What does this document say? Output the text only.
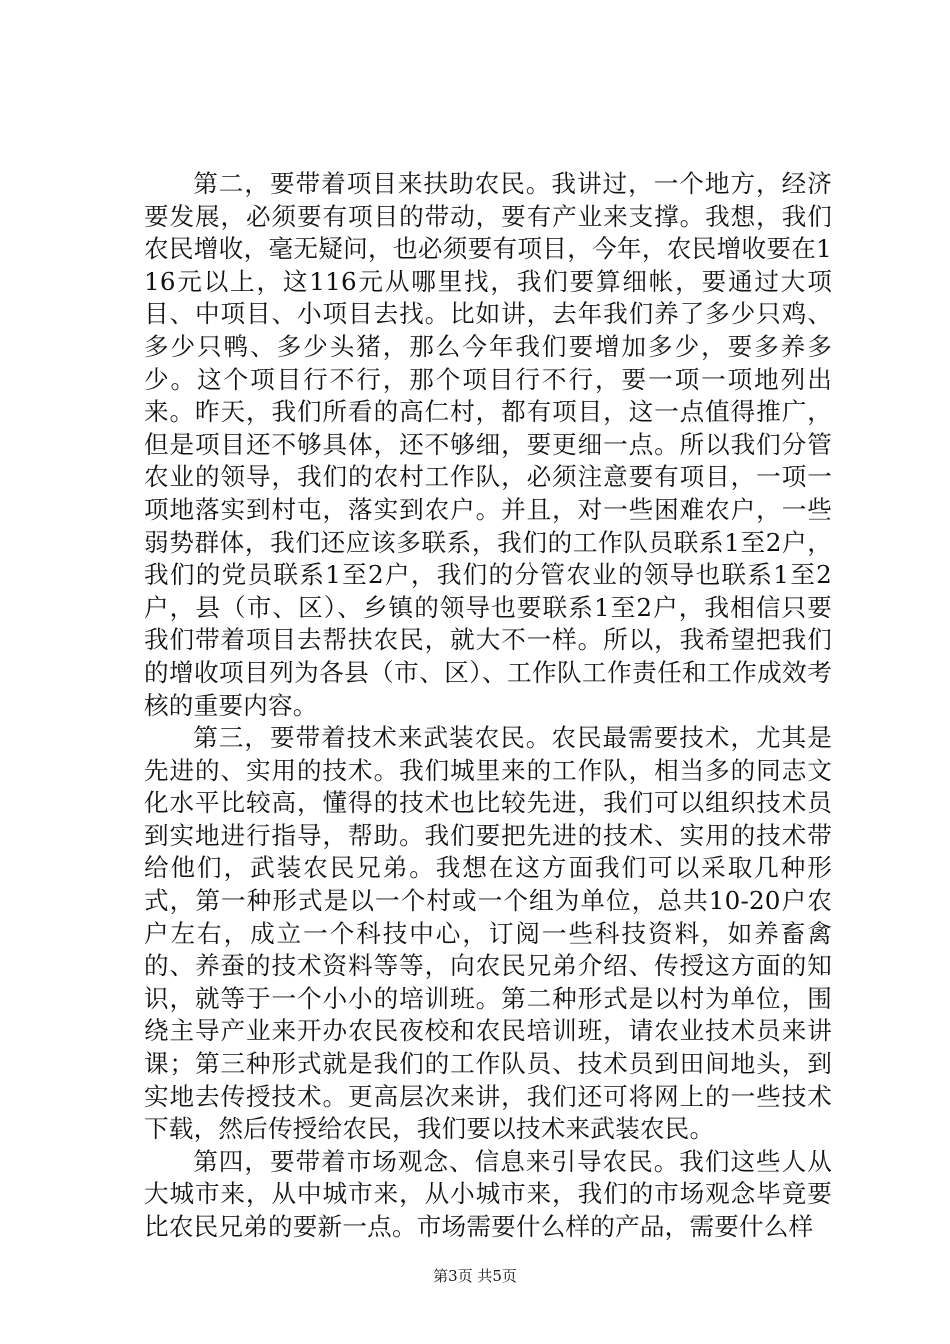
第二，要带着项目来扶助农民。我讲过，一个地方，经济要发展，必须要有项目的带动，要有产业来支撑。我想，我们农民增收，毫无疑问，也必须要有项目，今年，农民增收要在116元以上，这116元从哪里找，我们要算细帐，要通过大项目、中项目、小项目去找。比如讲，去年我们养了多少只鸡、多少只鸭、多少头猪，那么今年我们要增加多少，要多养多少。这个项目行不行，那个项目行不行，要一项一项地列出来。昨天，我们所看的高仁村，都有项目，这一点值得推广，但是项目还不够具体，还不够细，要更细一点。所以我们分管农业的领导，我们的农村工作队，必须注意要有项目，一项一项地落实到村屯，落实到农户。并且，对一些困难农户，一些弱势群体，我们还应该多联系，我们的工作队员联系1至2户，我们的党员联系1至2户，我们的分管农业的领导也联系1至2户，县（市、区）、乡镇的领导也要联系1至2户，我相信只要我们带着项目去帮扶农民，就大不一样。所以，我希望把我们的增收项目列为各县（市、区）、工作队工作责任和工作成效考核的重要内容。

第三，要带着技术来武装农民。农民最需要技术，尤其是先进的、实用的技术。我们城里来的工作队，相当多的同志文化水平比较高，懂得的技术也比较先进，我们可以组织技术员到实地进行指导，帮助。我们要把先进的技术、实用的技术带给他们，武装农民兄弟。我想在这方面我们可以采取几种形式，第一种形式是以一个村或一个组为单位，总共10-20户农户左右，成立一个科技中心，订阅一些科技资料，如养畜禽的、养蚕的技术资料等等，向农民兄弟介绍、传授这方面的知识，就等于一个小小的培训班。第二种形式是以村为单位，围绕主导产业来开办农民夜校和农民培训班，请农业技术员来讲课；第三种形式就是我们的工作队员、技术员到田间地头，到实地去传授技术。更高层次来讲，我们还可将网上的一些技术下载，然后传授给农民，我们要以技术来武装农民。

第四，要带着市场观念、信息来引导农民。我们这些人从大城市来，从中城市来，从小城市来，我们的市场观念毕竟要比农民兄弟的要新一点。市场需要什么样的产品，需要什么样

第3页 共5页
